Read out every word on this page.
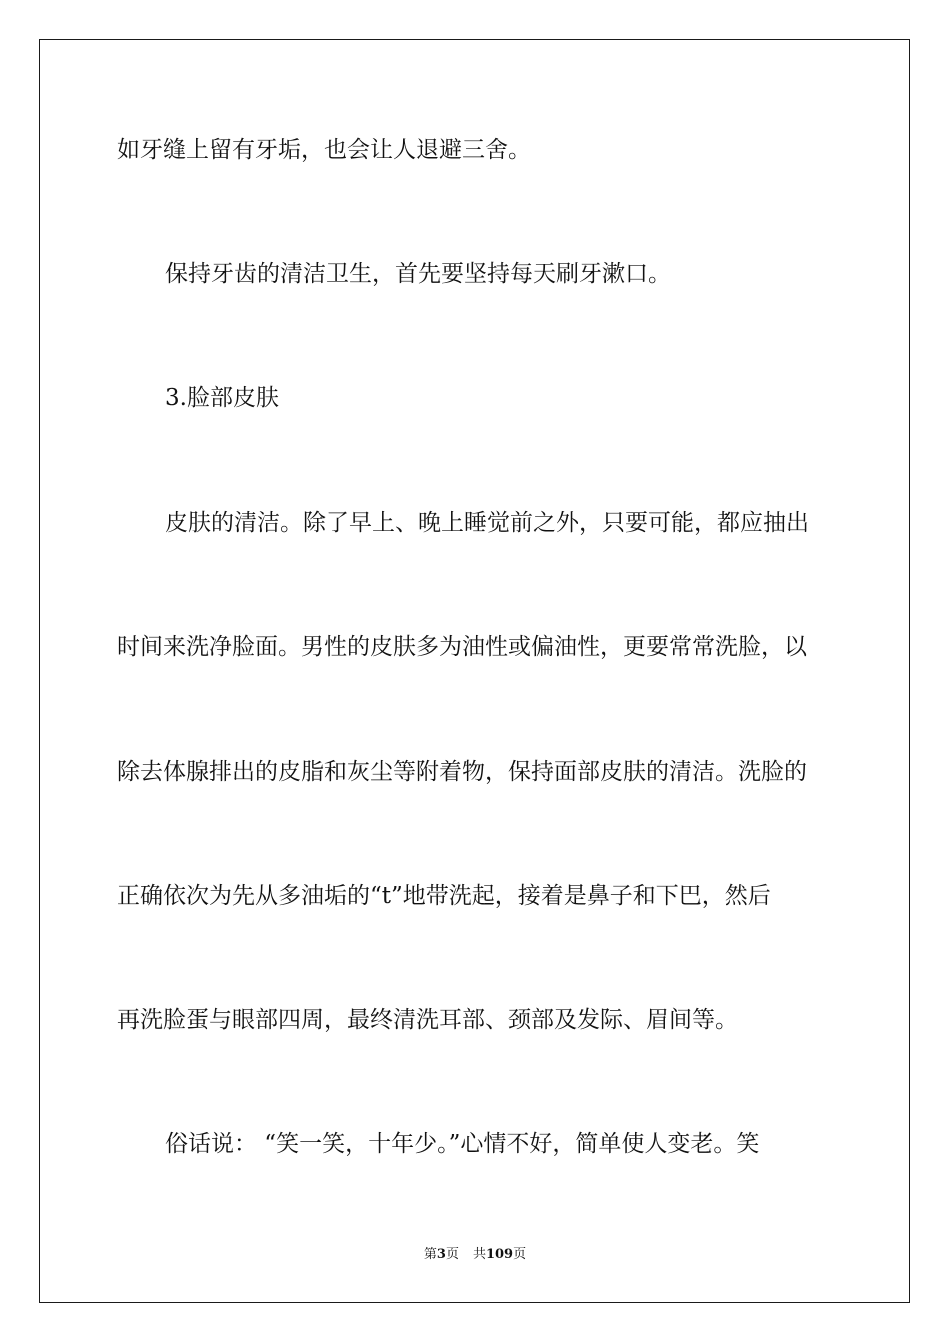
如牙缝上留有牙垢，也会让人退避三舍。
保持牙齿的清洁卫生，首先要坚持每天刷牙漱口。
3.脸部皮肤
皮肤的清洁。除了早上、晚上睡觉前之外，只要可能，都应抽出
时间来洗净脸面。男性的皮肤多为油性或偏油性，更要常常洗脸，以
除去体腺排出的皮脂和灰尘等附着物，保持面部皮肤的清洁。洗脸的
正确依次为先从多油垢的“t”地带洗起，接着是鼻子和下巴，然后
再洗脸蛋与眼部四周，最终清洗耳部、颈部及发际、眉间等。
俗话说： “笑一笑，十年少。”心情不好，简单使人变老。笑
第3页 共109页
